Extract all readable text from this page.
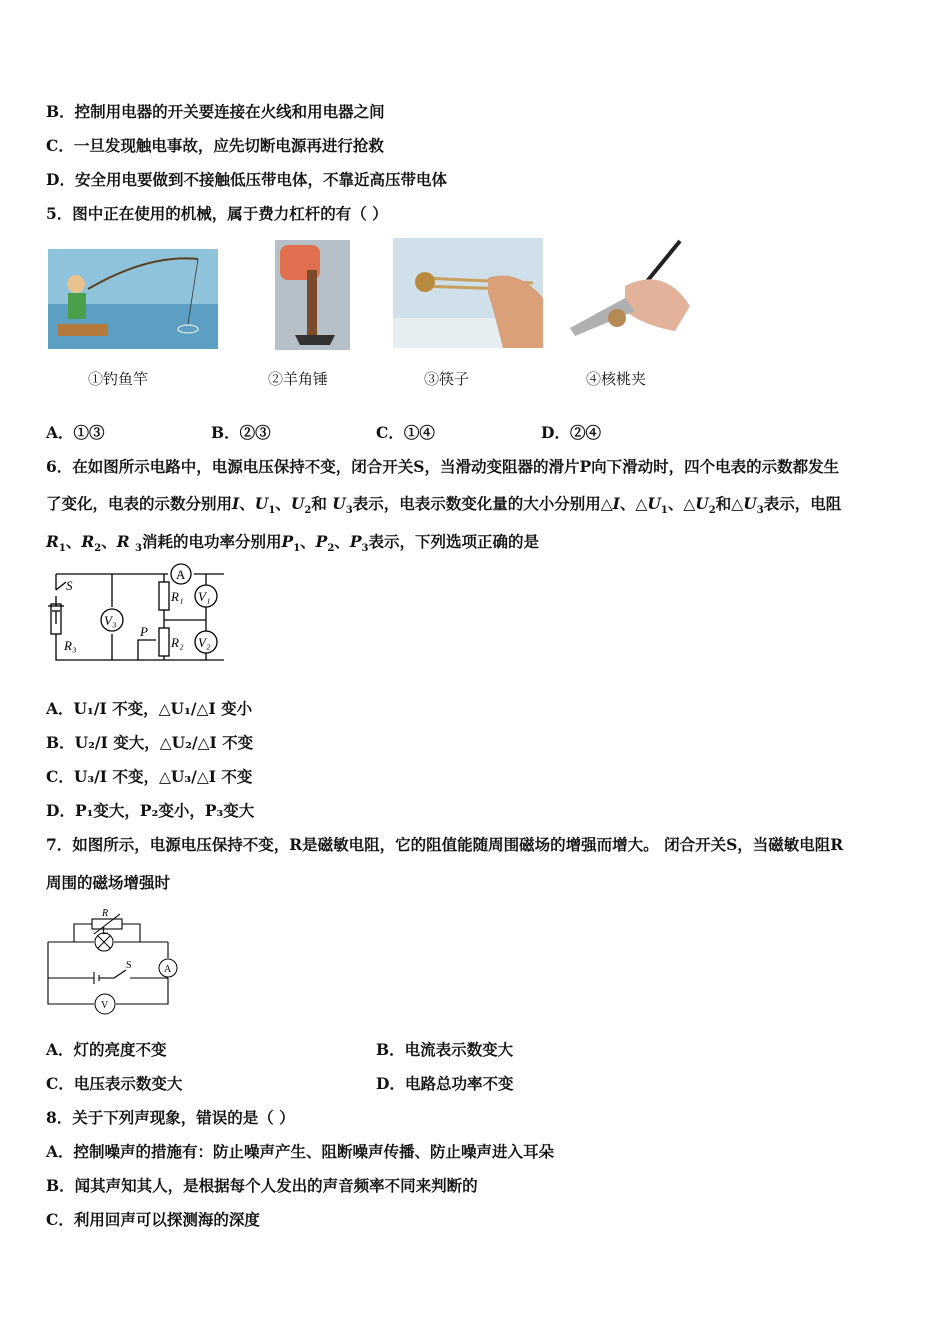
B．控制用电器的开关要连接在火线和用电器之间
C．一旦发现触电事故，应先切断电源再进行抢救
D．安全用电要做到不接触低压带电体，不靠近高压带电体
5．图中正在使用的机械，属于费力杠杆的有（ ）
①钓鱼竿	②羊角锤	③筷子	④核桃夹
A．①③	B．②③	C．①④	D．②④
6．在如图所示电路中，电源电压保持不变，闭合开关S，当滑动变阻器的滑片P向下滑动时，四个电表的示数都发生
了变化，电表的示数分别用I、$U_1$、$U_2$和 $U_3$表示，电表示数变化量的大小分别用△I、$\triangle U_1$、$\triangle U_2$和$\triangle U_3$表示，电阻
$R_1$、$R_2$、R $_3$消耗的电功率分别用$P_1$、$P_2$、$P_3$表示，下列选项正确的是
A
V₃
V₁
V₂
R₁
R₂
R₃
S
P
A．U₁/I 不变，△U₁/△I 变小
B．U₂/I 变大，△U₂/△I 不变
C．U₃/I 不变，△U₃/△I 不变
D．P₁变大，P₂变小，P₃变大
7．如图所示，电源电压保持不变，R是磁敏电阻，它的阻值能随周围磁场的增强而增大。 闭合开关S，当磁敏电阻R
周围的磁场增强时
R
L
S	A
V
A．灯的亮度不变	B．电流表示数变大
C．电压表示数变大	D．电路总功率不变
8．关于下列声现象，错误的是（ ）
A．控制噪声的措施有：防止噪声产生、阻断噪声传播、防止噪声进入耳朵
B．闻其声知其人，是根据每个人发出的声音频率不同来判断的
C．利用回声可以探测海的深度
